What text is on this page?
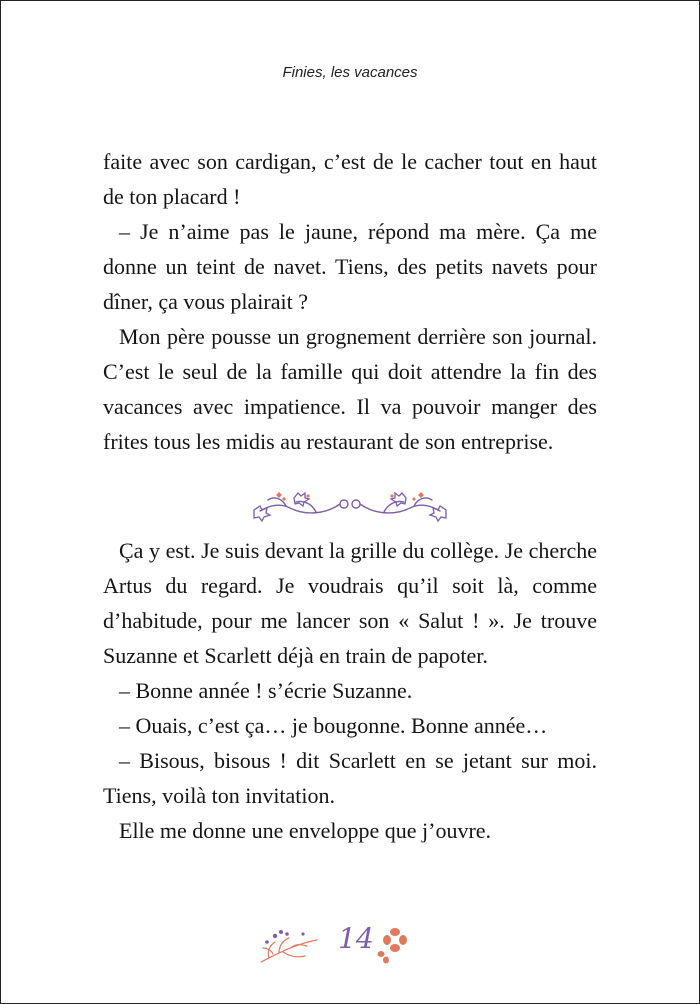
Finies, les vacances

faite avec son cardigan, c’est de le cacher tout en haut de ton placard !

– Je n’aime pas le jaune, répond ma mère. Ça me donne un teint de navet. Tiens, des petits navets pour dîner, ça vous plairait ?

Mon père pousse un grognement derrière son journal. C’est le seul de la famille qui doit attendre la fin des vacances avec impatience. Il va pouvoir manger des frites tous les midis au restaurant de son entreprise.

Ça y est. Je suis devant la grille du collège. Je cherche Artus du regard. Je voudrais qu’il soit là, comme d’habitude, pour me lancer son « Salut ! ». Je trouve Suzanne et Scarlett déjà en train de papoter.

– Bonne année ! s’écrie Suzanne.

– Ouais, c’est ça… je bougonne. Bonne année…

– Bisous, bisous ! dit Scarlett en se jetant sur moi. Tiens, voilà ton invitation.

Elle me donne une enveloppe que j’ouvre.

14
